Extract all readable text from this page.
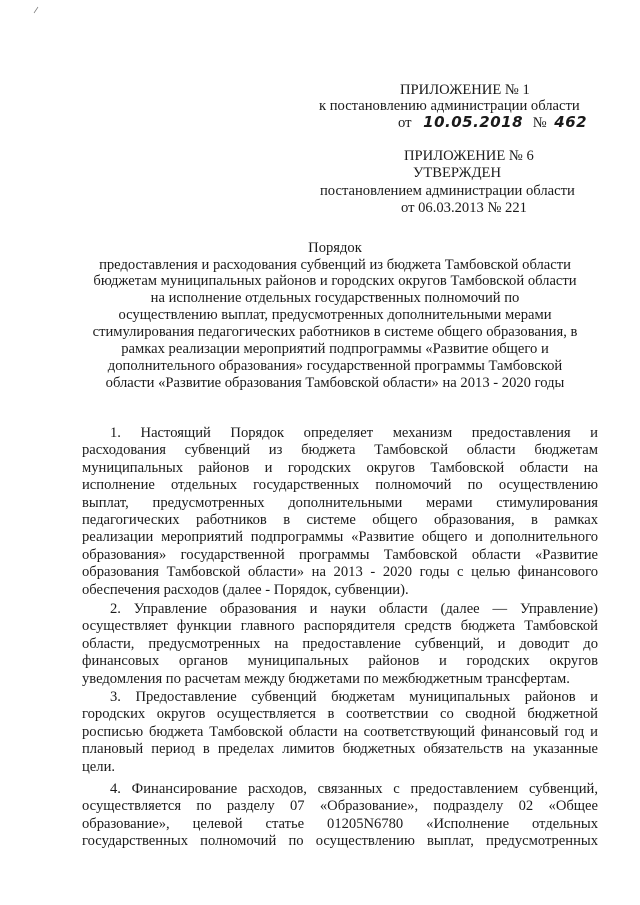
ПРИЛОЖЕНИЕ № 1
к постановлению администрации области
от 10.05.2018 № 462
ПРИЛОЖЕНИЕ № 6
УТВЕРЖДЕН
постановлением администрации области
от 06.03.2013 № 221
Порядок
предоставления и расходования субвенций из бюджета Тамбовской области
бюджетам муниципальных районов и городских округов Тамбовской области
на исполнение отдельных государственных полномочий по
осуществлению выплат, предусмотренных дополнительными мерами
стимулирования педагогических работников в системе общего образования, в
рамках реализации мероприятий подпрограммы «Развитие общего и
дополнительного образования» государственной программы Тамбовской
области «Развитие образования Тамбовской области» на 2013 - 2020 годы
1. Настоящий Порядок определяет механизм предоставления и
расходования субвенций из бюджета Тамбовской области бюджетам
муниципальных районов и городских округов Тамбовской области на
исполнение отдельных государственных полномочий по осуществлению
выплат, предусмотренных дополнительными мерами стимулирования
педагогических работников в системе общего образования, в рамках
реализации мероприятий подпрограммы «Развитие общего и дополнительного
образования» государственной программы Тамбовской области «Развитие
образования Тамбовской области» на 2013 - 2020 годы с целью финансового
обеспечения расходов (далее - Порядок, субвенции).
2. Управление образования и науки области (далее — Управление)
осуществляет функции главного распорядителя средств бюджета Тамбовской
области, предусмотренных на предоставление субвенций, и доводит до
финансовых органов муниципальных районов и городских округов
уведомления по расчетам между бюджетами по межбюджетным трансфертам.
3. Предоставление субвенций бюджетам муниципальных районов и
городских округов осуществляется в соответствии со сводной бюджетной
росписью бюджета Тамбовской области на соответствующий финансовый год и
плановый период в пределах лимитов бюджетных обязательств на указанные
цели.
4. Финансирование расходов, связанных с предоставлением субвенций,
осуществляется по разделу 07 «Образование», подразделу 02 «Общее
образование», целевой статье 01205N6780 «Исполнение отдельных
государственных полномочий по осуществлению выплат, предусмотренных
